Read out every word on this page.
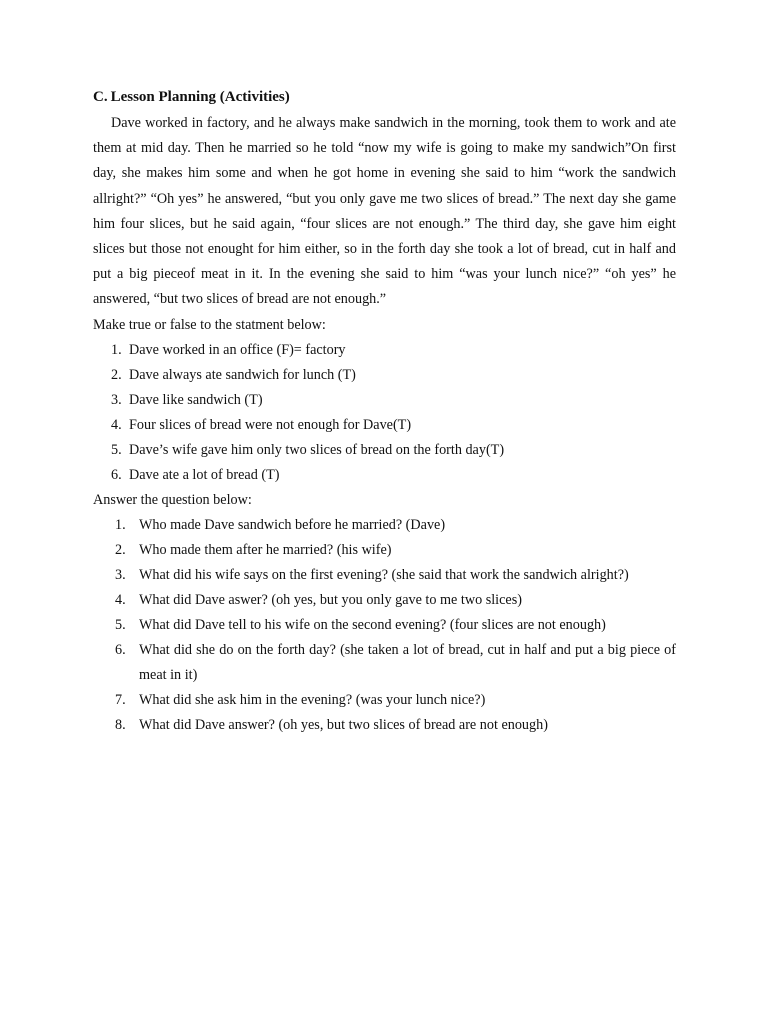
C. Lesson Planning (Activities)

Dave worked in factory, and he always make sandwich in the morning, took them to work and ate them at mid day. Then he married so he told “now my wife is going to make my sandwich”On first day, she makes him some and when he got home in evening she said to him “work the sandwich allright?” “Oh yes” he answered, “but you only gave me two slices of bread.” The next day she game him four slices, but he said again, “four slices are not enough.” The third day, she gave him eight slices but those not enought for him either, so in the forth day she took a lot of bread, cut in half and put a big pieceof meat in it. In the evening she said to him “was your lunch nice?” “oh yes” he answered, “but two slices of bread are not enough.”

Make true or false to the statment below:

1. Dave worked in an office (F)= factory
2. Dave always ate sandwich for lunch (T)
3. Dave like sandwich (T)
4. Four slices of bread were not enough for Dave(T)
5. Dave’s wife gave him only two slices of bread on the forth day(T)
6. Dave ate a lot of bread (T)

Answer the question below:

1. Who made Dave sandwich before he married? (Dave)
2. Who made them after he married? (his wife)
3. What did his wife says on the first evening? (she said that work the sandwich alright?)
4. What did Dave aswer? (oh yes, but you only gave to me two slices)
5. What did Dave tell to his wife on the second evening? (four slices are not enough)
6. What did she do on the forth day? (she taken a lot of bread, cut in half and put a big piece of meat in it)
7. What did she ask him in the evening? (was your lunch nice?)
8. What did Dave answer? (oh yes, but two slices of bread are not enough)
